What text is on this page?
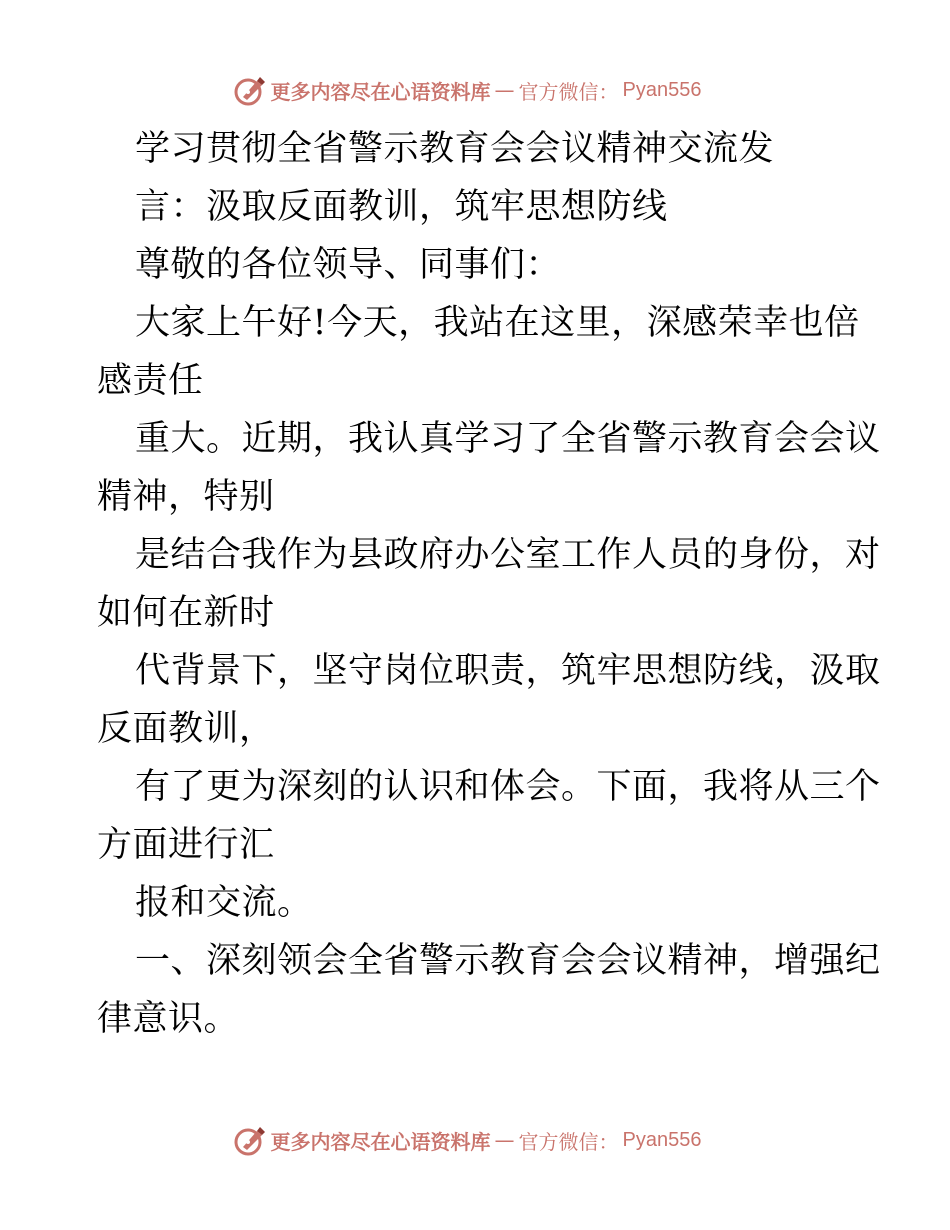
更多内容尽在心语资料库 — 官方微信： Pyan556
学习贯彻全省警示教育会会议精神交流发
言：汲取反面教训，筑牢思想防线
尊敬的各位领导、同事们：
大家上午好!今天，我站在这里，深感荣幸也倍
感责任
重大。近期，我认真学习了全省警示教育会会议
精神，特别
是结合我作为县政府办公室工作人员的身份，对
如何在新时
代背景下，坚守岗位职责，筑牢思想防线，汲取
反面教训，
有了更为深刻的认识和体会。下面，我将从三个
方面进行汇
报和交流。
一、深刻领会全省警示教育会会议精神，增强纪
律意识。
更多内容尽在心语资料库 — 官方微信： Pyan556
